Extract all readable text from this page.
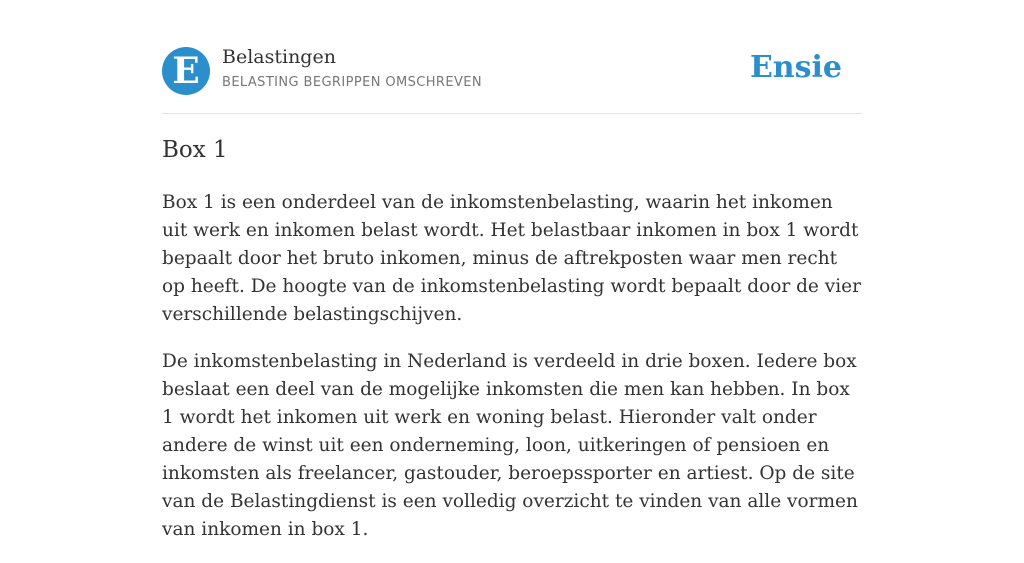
E	Belastingen
BELASTING BEGRIPPEN OMSCHREVEN	Ensie
Box 1

Box 1 is een onderdeel van de inkomstenbelasting, waarin het inkomen uit werk en inkomen belast wordt. Het belastbaar inkomen in box 1 wordt bepaalt door het bruto inkomen, minus de aftrekposten waar men recht op heeft. De hoogte van de inkomstenbelasting wordt bepaalt door de vier verschillende belastingschijven.

De inkomstenbelasting in Nederland is verdeeld in drie boxen. Iedere box beslaat een deel van de mogelijke inkomsten die men kan hebben. In box 1 wordt het inkomen uit werk en woning belast. Hieronder valt onder andere de winst uit een onderneming, loon, uitkeringen of pensioen en inkomsten als freelancer, gastouder, beroepssporter en artiest. Op de site van de Belastingdienst is een volledig overzicht te vinden van alle vormen van inkomen in box 1.
